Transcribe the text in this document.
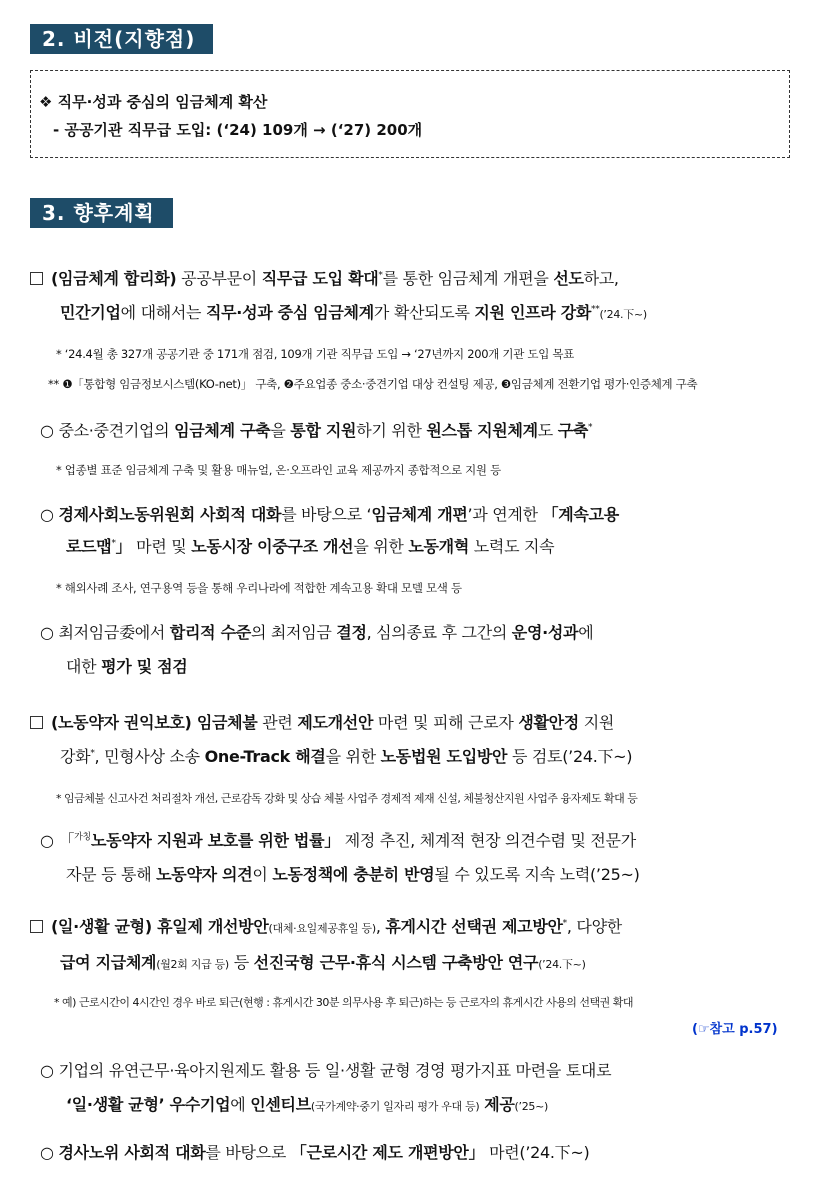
2. 비전(지향점)
❖ 직무·성과 중심의 임금체계 확산
- 공공기관 직무급 도입: (‘24) 109개 → (‘27) 200개
3. 향후계획
(임금체계 합리화) 공공부문이 직무급 도입 확대*를 통한 임금체계 개편을 선도하고,
민간기업에 대해서는 직무·성과 중심 임금체계가 확산되도록 지원 인프라 강화**(’24.下~)
* ‘24.4월 총 327개 공공기관 중 171개 점검, 109개 기관 직무급 도입 → ‘27년까지 200개 기관 도입 목표
** ❶「통합형 임금정보시스템(KO-net)」 구축, ❷주요업종 중소·중견기업 대상 컨설팅 제공, ❸임금체계 전환기업 평가·인증체계 구축
○ 중소·중견기업의 임금체계 구축을 통합 지원하기 위한 원스톱 지원체계도 구축*
* 업종별 표준 임금체계 구축 및 활용 매뉴얼, 온·오프라인 교육 제공까지 종합적으로 지원 등
○ 경제사회노동위원회 사회적 대화를 바탕으로 ‘임금체계 개편’과 연계한 「계속고용
로드맵*」 마련 및 노동시장 이중구조 개선을 위한 노동개혁 노력도 지속
* 해외사례 조사, 연구용역 등을 통해 우리나라에 적합한 계속고용 확대 모델 모색 등
○ 최저임금委에서 합리적 수준의 최저임금 결정, 심의종료 후 그간의 운영·성과에
대한 평가 및 점검
(노동약자 권익보호) 임금체불 관련 제도개선안 마련 및 피해 근로자 생활안정 지원
강화*, 민형사상 소송 One-Track 해결을 위한 노동법원 도입방안 등 검토(’24.下~)
* 임금체불 신고사건 처리절차 개선, 근로감독 강화 및 상습 체불 사업주 경제적 제재 신설, 체불청산지원 사업주 융자제도 확대 등
○ 「$^{가칭}$노동약자 지원과 보호를 위한 법률」 제정 추진, 체계적 현장 의견수렴 및 전문가
자문 등 통해 노동약자 의견이 노동정책에 충분히 반영될 수 있도록 지속 노력(’25~)
(일·생활 균형) 휴일제 개선방안(대체·요일제공휴일 등), 휴게시간 선택권 제고방안*, 다양한
급여 지급체계(월2회 지급 등) 등 선진국형 근무·휴식 시스템 구축방안 연구(’24.下~)
* 예) 근로시간이 4시간인 경우 바로 퇴근(현행 : 휴게시간 30분 의무사용 후 퇴근)하는 등 근로자의 휴게시간 사용의 선택권 확대
(☞참고 p.57)
○ 기업의 유연근무·육아지원제도 활용 등 일·생활 균형 경영 평가지표 마련을 토대로
‘일·생활 균형’ 우수기업에 인센티브(국가계약·중기 일자리 평가 우대 등) 제공(’25~)
○ 경사노위 사회적 대화를 바탕으로 「근로시간 제도 개편방안」 마련(’24.下~)
